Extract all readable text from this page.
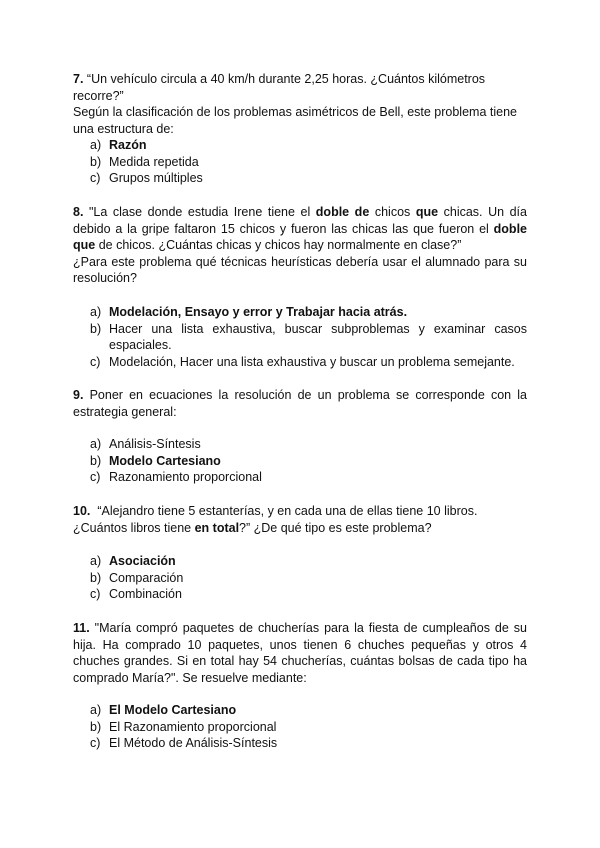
7. “Un vehículo circula a 40 km/h durante 2,25 horas. ¿Cuántos kilómetros recorre?”
Según la clasificación de los problemas asimétricos de Bell, este problema tiene una estructura de:
a) Razón
b) Medida repetida
c) Grupos múltiples
8. "La clase donde estudia Irene tiene el doble de chicos que chicas. Un día debido a la gripe faltaron 15 chicos y fueron las chicas las que fueron el doble que de chicos. ¿Cuántas chicas y chicos hay normalmente en clase?”
¿Para este problema qué técnicas heurísticas debería usar el alumnado para su resolución?
a) Modelación, Ensayo y error y Trabajar hacia atrás.
b) Hacer una lista exhaustiva, buscar subproblemas y examinar casos espaciales.
c) Modelación, Hacer una lista exhaustiva y buscar un problema semejante.
9. Poner en ecuaciones la resolución de un problema se corresponde con la estrategia general:
a) Análisis-Síntesis
b) Modelo Cartesiano
c) Razonamiento proporcional
10. “Alejandro tiene 5 estanterías, y en cada una de ellas tiene 10 libros.
¿Cuántos libros tiene en total?” ¿De qué tipo es este problema?
a) Asociación
b) Comparación
c) Combinación
11. "María compró paquetes de chucherías para la fiesta de cumpleaños de su hija. Ha comprado 10 paquetes, unos tienen 6 chuches pequeñas y otros 4 chuches grandes. Si en total hay 54 chucherías, cuántas bolsas de cada tipo ha comprado María?". Se resuelve mediante:
a) El Modelo Cartesiano
b) El Razonamiento proporcional
c) El Método de Análisis-Síntesis
